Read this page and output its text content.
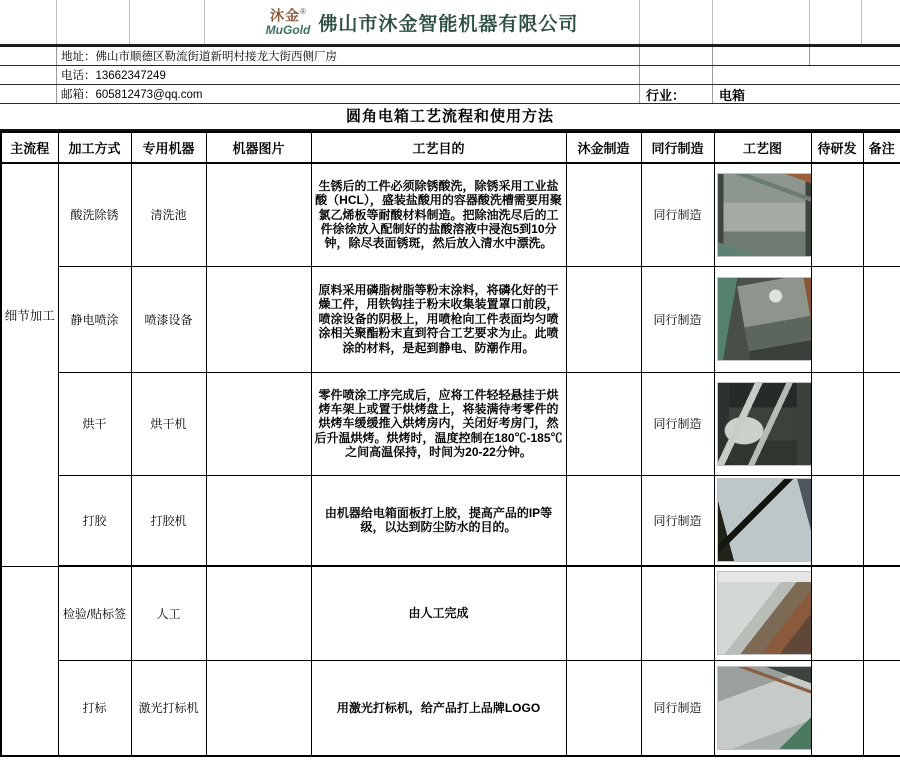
沐金®
MuGold 佛山市沐金智能机器有限公司
地址：佛山市顺德区勒流街道新明村接龙大街西侧厂房
电话：13662347249
邮箱：605812473@qq.com	行业：	电箱
圆角电箱工艺流程和使用方法
主流程	加工方式	专用机器	机器图片	工艺目的	沐金制造	同行制造	工艺图	待研发	备注

细节加工	酸洗除锈	清洗池		生锈后的工件必须除锈酸洗，除锈采用工业盐酸（HCL），盛装盐酸用的容器酸洗槽需要用聚氯乙烯板等耐酸材料制造。把除油洗尽后的工件徐徐放入配制好的盐酸溶液中浸泡5到10分钟，除尽表面锈斑，然后放入清水中漂洗。		同行制造	

	静电喷涂	喷漆设备		原料采用磷脂树脂等粉末涂料，将磷化好的干燥工件，用铁钩挂于粉末收集装置罩口前段，喷涂设备的阴极上，用喷枪向工件表面均匀喷涂相关聚酯粉末直到符合工艺要求为止。此喷涂的材料，是起到静电、防潮作用。		同行制造	

	烘干	烘干机		零件喷涂工序完成后，应将工件轻轻悬挂于烘烤车架上或置于烘烤盘上，将装满待考零件的烘烤车缓缓推入烘烤房内，关闭好考房门，然后升温烘烤。烘烤时，温度控制在180℃-185℃之间高温保持，时间为20-22分钟。		同行制造	

	打胶	打胶机		由机器给电箱面板打上胶，提高产品的IP等级，以达到防尘防水的目的。		同行制造	

	检验/贴标签	人工		由人工完成			

	打标	激光打标机		用激光打标机，给产品打上品牌LOGO		同行制造	
